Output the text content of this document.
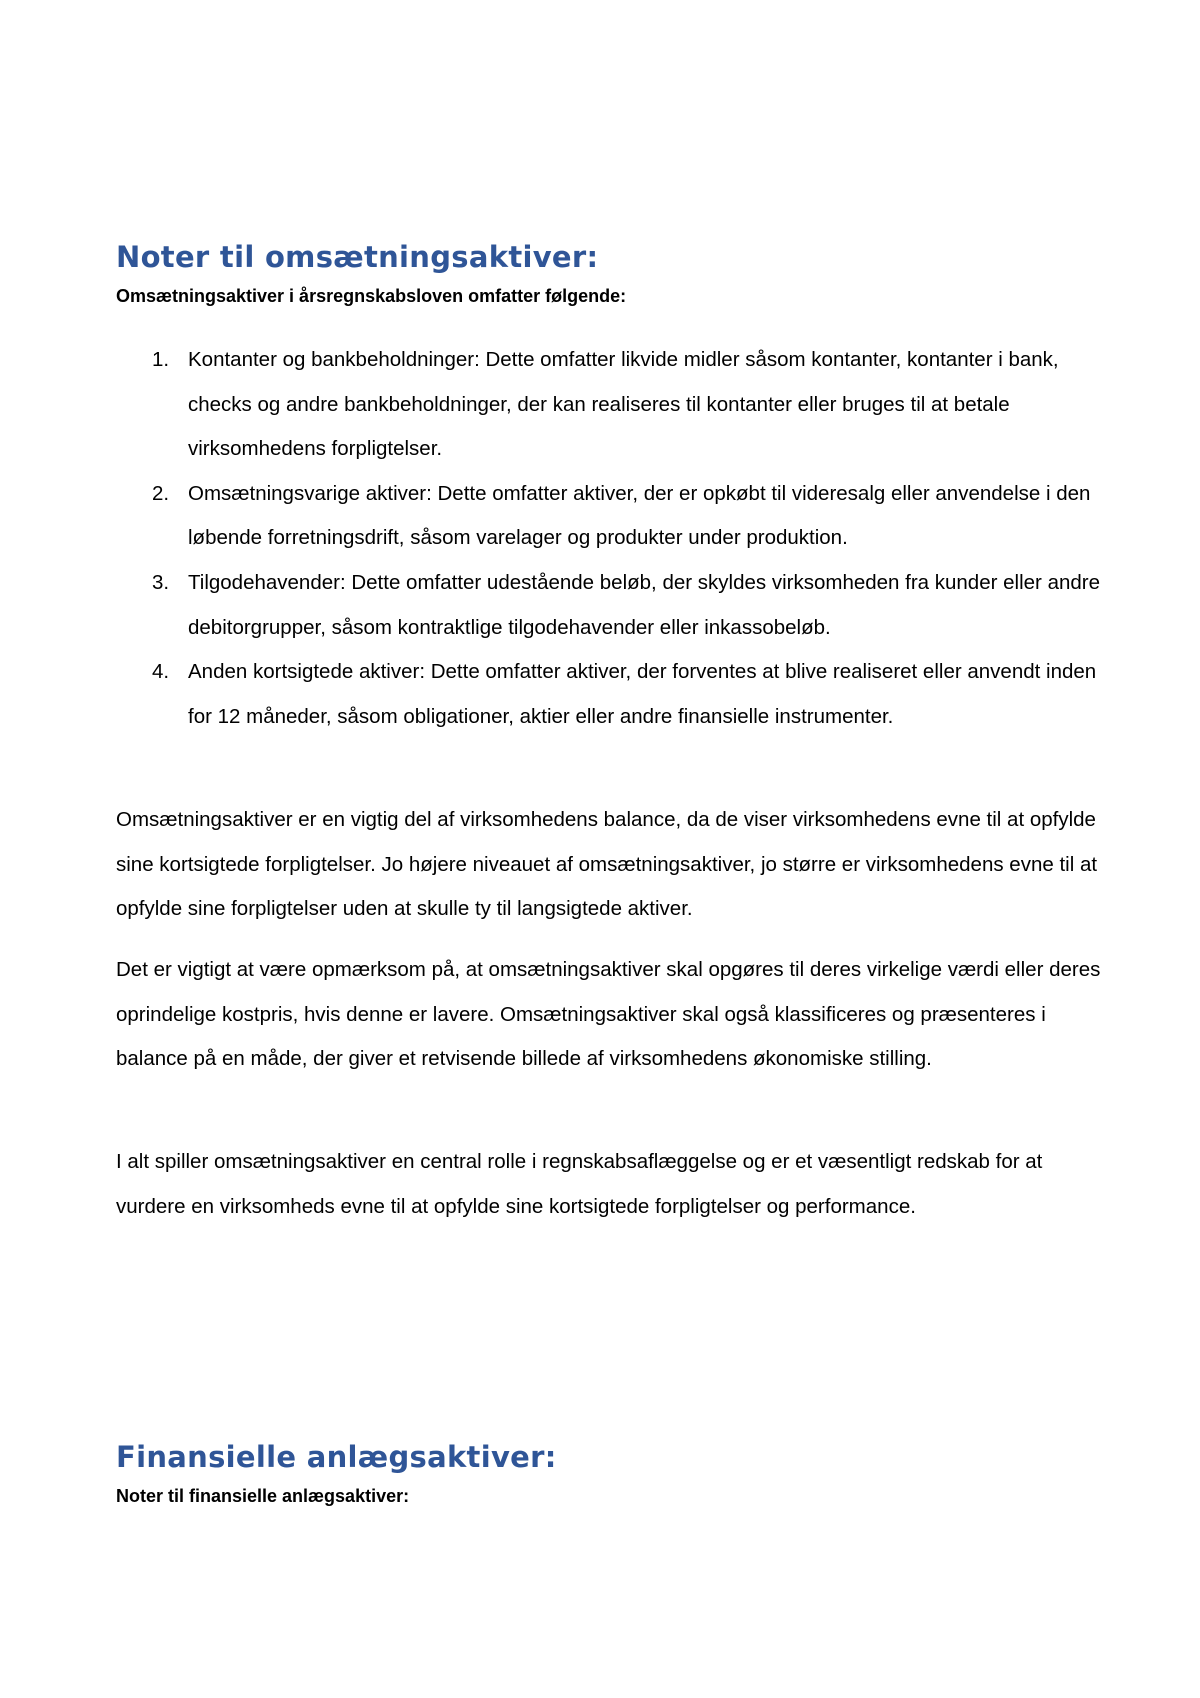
Noter til omsætningsaktiver:
Omsætningsaktiver i årsregnskabsloven omfatter følgende:
1. Kontanter og bankbeholdninger: Dette omfatter likvide midler såsom kontanter, kontanter i bank, checks og andre bankbeholdninger, der kan realiseres til kontanter eller bruges til at betale virksomhedens forpligtelser.
2. Omsætningsvarige aktiver: Dette omfatter aktiver, der er opkøbt til videresalg eller anvendelse i den løbende forretningsdrift, såsom varelager og produkter under produktion.
3. Tilgodehavender: Dette omfatter udestående beløb, der skyldes virksomheden fra kunder eller andre debitorgrupper, såsom kontraktlige tilgodehavender eller inkassobeløb.
4. Anden kortsigtede aktiver: Dette omfatter aktiver, der forventes at blive realiseret eller anvendt inden for 12 måneder, såsom obligationer, aktier eller andre finansielle instrumenter.

Omsætningsaktiver er en vigtig del af virksomhedens balance, da de viser virksomhedens evne til at opfylde sine kortsigtede forpligtelser. Jo højere niveauet af omsætningsaktiver, jo større er virksomhedens evne til at opfylde sine forpligtelser uden at skulle ty til langsigtede aktiver.

Det er vigtigt at være opmærksom på, at omsætningsaktiver skal opgøres til deres virkelige værdi eller deres oprindelige kostpris, hvis denne er lavere. Omsætningsaktiver skal også klassificeres og præsenteres i balance på en måde, der giver et retvisende billede af virksomhedens økonomiske stilling.

I alt spiller omsætningsaktiver en central rolle i regnskabsaflæggelse og er et væsentligt redskab for at vurdere en virksomheds evne til at opfylde sine kortsigtede forpligtelser og performance.

Finansielle anlægsaktiver:
Noter til finansielle anlægsaktiver:
